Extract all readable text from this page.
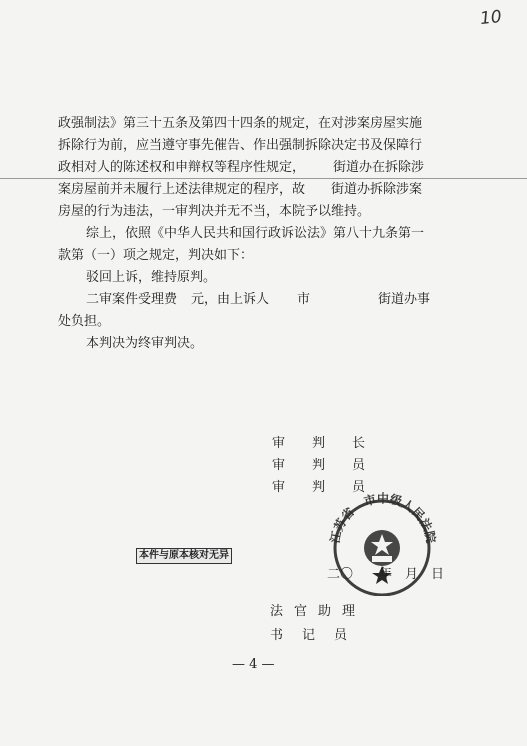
10
政强制法》第三十五条及第四十四条的规定，在对涉案房屋实施
拆除行为前，应当遵守事先催告、作出强制拆除决定书及保障行
政相对人的陈述权和申辩权等程序性规定， 街道办在拆除涉
案房屋前并未履行上述法律规定的程序，故 街道办拆除涉案
房屋的行为违法，一审判决并无不当，本院予以维持。
综上，依照《中华人民共和国行政诉讼法》第八十九条第一
款第（一）项之规定，判决如下：
驳回上诉，维持原判。
二审案件受理费 元，由上诉人 市	街道办事
处负担。
本判决为终审判决。
审 判 长
审 判 员
审 判 员
江苏省　市中级人民法院
二〇　　年　月　日
本件与原本核对无异
法 官 助 理
书 记 员
— 4 —
